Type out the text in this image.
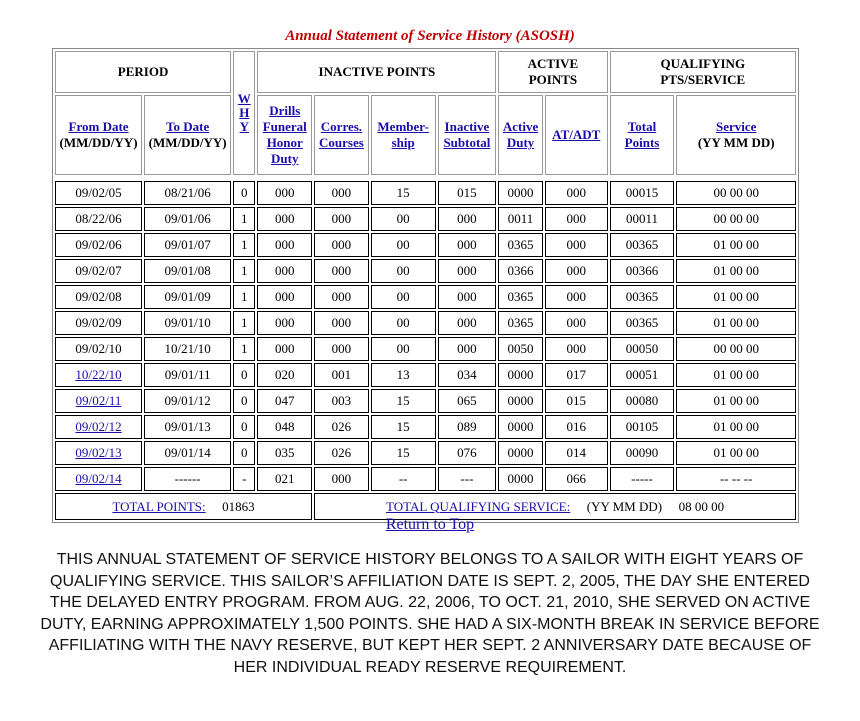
Annual Statement of Service History (ASOSH)
PERIOD		W
H
Y	INACTIVE POINTS				ACTIVE
POINTS		QUALIFYING
PTS/SERVICE	
From Date
(MM/DD/YY)	To Date
(MM/DD/YY)		Drills
Funeral
Honor
Duty	Corres.
Courses	Member-
ship	Inactive
Subtotal	Active
Duty	AT/ADT	Total
Points	Service
(YY MM DD)

09/02/05	08/21/06	0	000	000	15	015	0000	000	00015	00 00 00
08/22/06	09/01/06	1	000	000	00	000	0011	000	00011	00 00 00
09/02/06	09/01/07	1	000	000	00	000	0365	000	00365	01 00 00
09/02/07	09/01/08	1	000	000	00	000	0366	000	00366	01 00 00
09/02/08	09/01/09	1	000	000	00	000	0365	000	00365	01 00 00
09/02/09	09/01/10	1	000	000	00	000	0365	000	00365	01 00 00
09/02/10	10/21/10	1	000	000	00	000	0050	000	00050	00 00 00
10/22/10	09/01/11	0	020	001	13	034	0000	017	00051	01 00 00
09/02/11	09/01/12	0	047	003	15	065	0000	015	00080	01 00 00
09/02/12	09/01/13	0	048	026	15	089	0000	016	00105	01 00 00
09/02/13	09/01/14	0	035	026	15	076	0000	014	00090	01 00 00
09/02/14	------	-	021	000	--	---	0000	066	-----	-- -- --
TOTAL POINTS: 01863				TOTAL QUALIFYING SERVICE: (YY MM DD) 08 00 00						
Return to Top
THIS ANNUAL STATEMENT OF SERVICE HISTORY BELONGS TO A SAILOR WITH EIGHT YEARS OF QUALIFYING SERVICE. THIS SAILOR’S AFFILIATION DATE IS SEPT. 2, 2005, THE DAY SHE ENTERED THE DELAYED ENTRY PROGRAM. FROM AUG. 22, 2006, TO OCT. 21, 2010, SHE SERVED ON ACTIVE DUTY, EARNING APPROXIMATELY 1,500 POINTS. SHE HAD A SIX-MONTH BREAK IN SERVICE BEFORE AFFILIATING WITH THE NAVY RESERVE, BUT KEPT HER SEPT. 2 ANNIVERSARY DATE BECAUSE OF HER INDIVIDUAL READY RESERVE REQUIREMENT.
